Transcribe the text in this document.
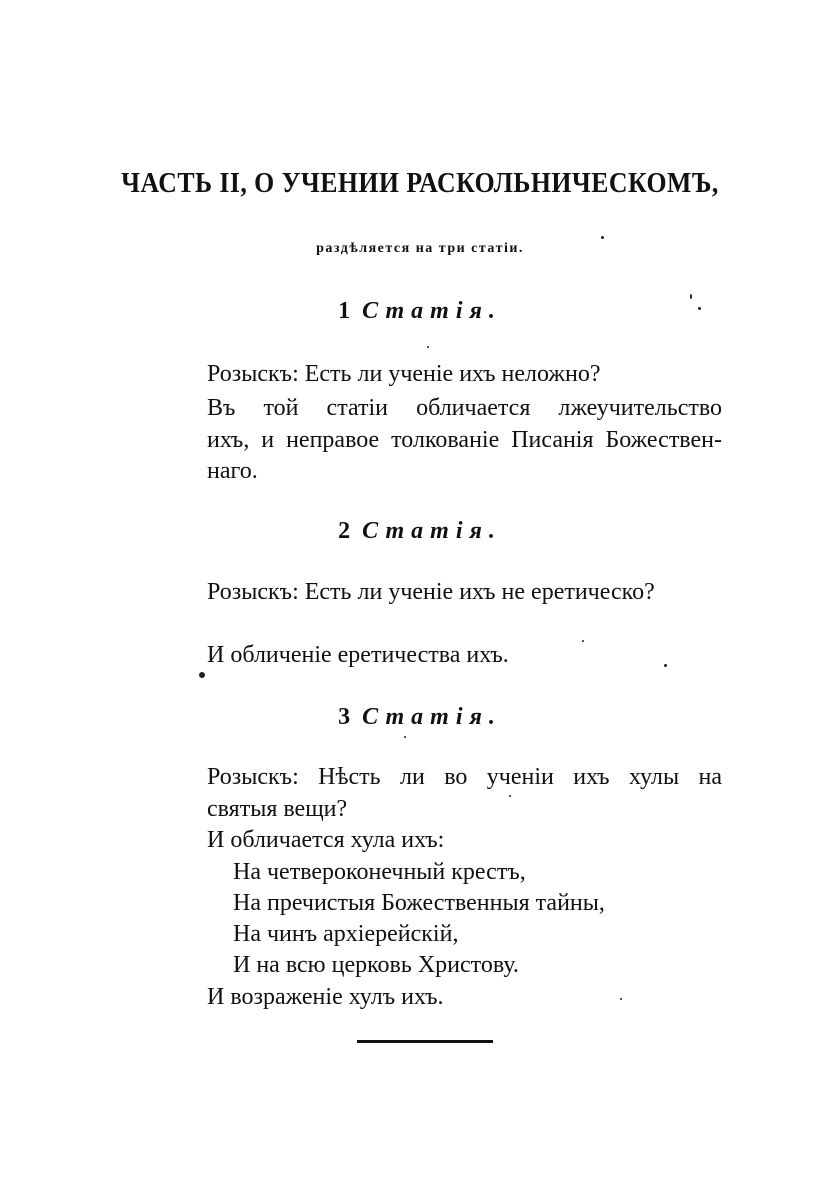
ЧАСТЬ II, О УЧЕНИИ РАСКОЛЬНИЧЕСКОМЪ,
раздѣляется на три статiи.
1 Статiя.
Розыскъ: Есть ли ученiе ихъ неложно?
Въ той статiи обличается лжеучительство
ихъ, и неправое толкованiе Писанiя Божествен-
наго.
2 Статiя.
Розыскъ: Есть ли ученiе ихъ не еретическо?
И обличенiе еретичества ихъ.
3 Статiя.
Розыскъ: Нѣсть ли во ученiи ихъ хулы на
святыя вещи?
И обличается хула ихъ:
На четвероконечный крестъ,
На пречистыя Божественныя тайны,
На чинъ архiерейскiй,
И на всю церковь Христову.
И возраженiе хулъ ихъ.
